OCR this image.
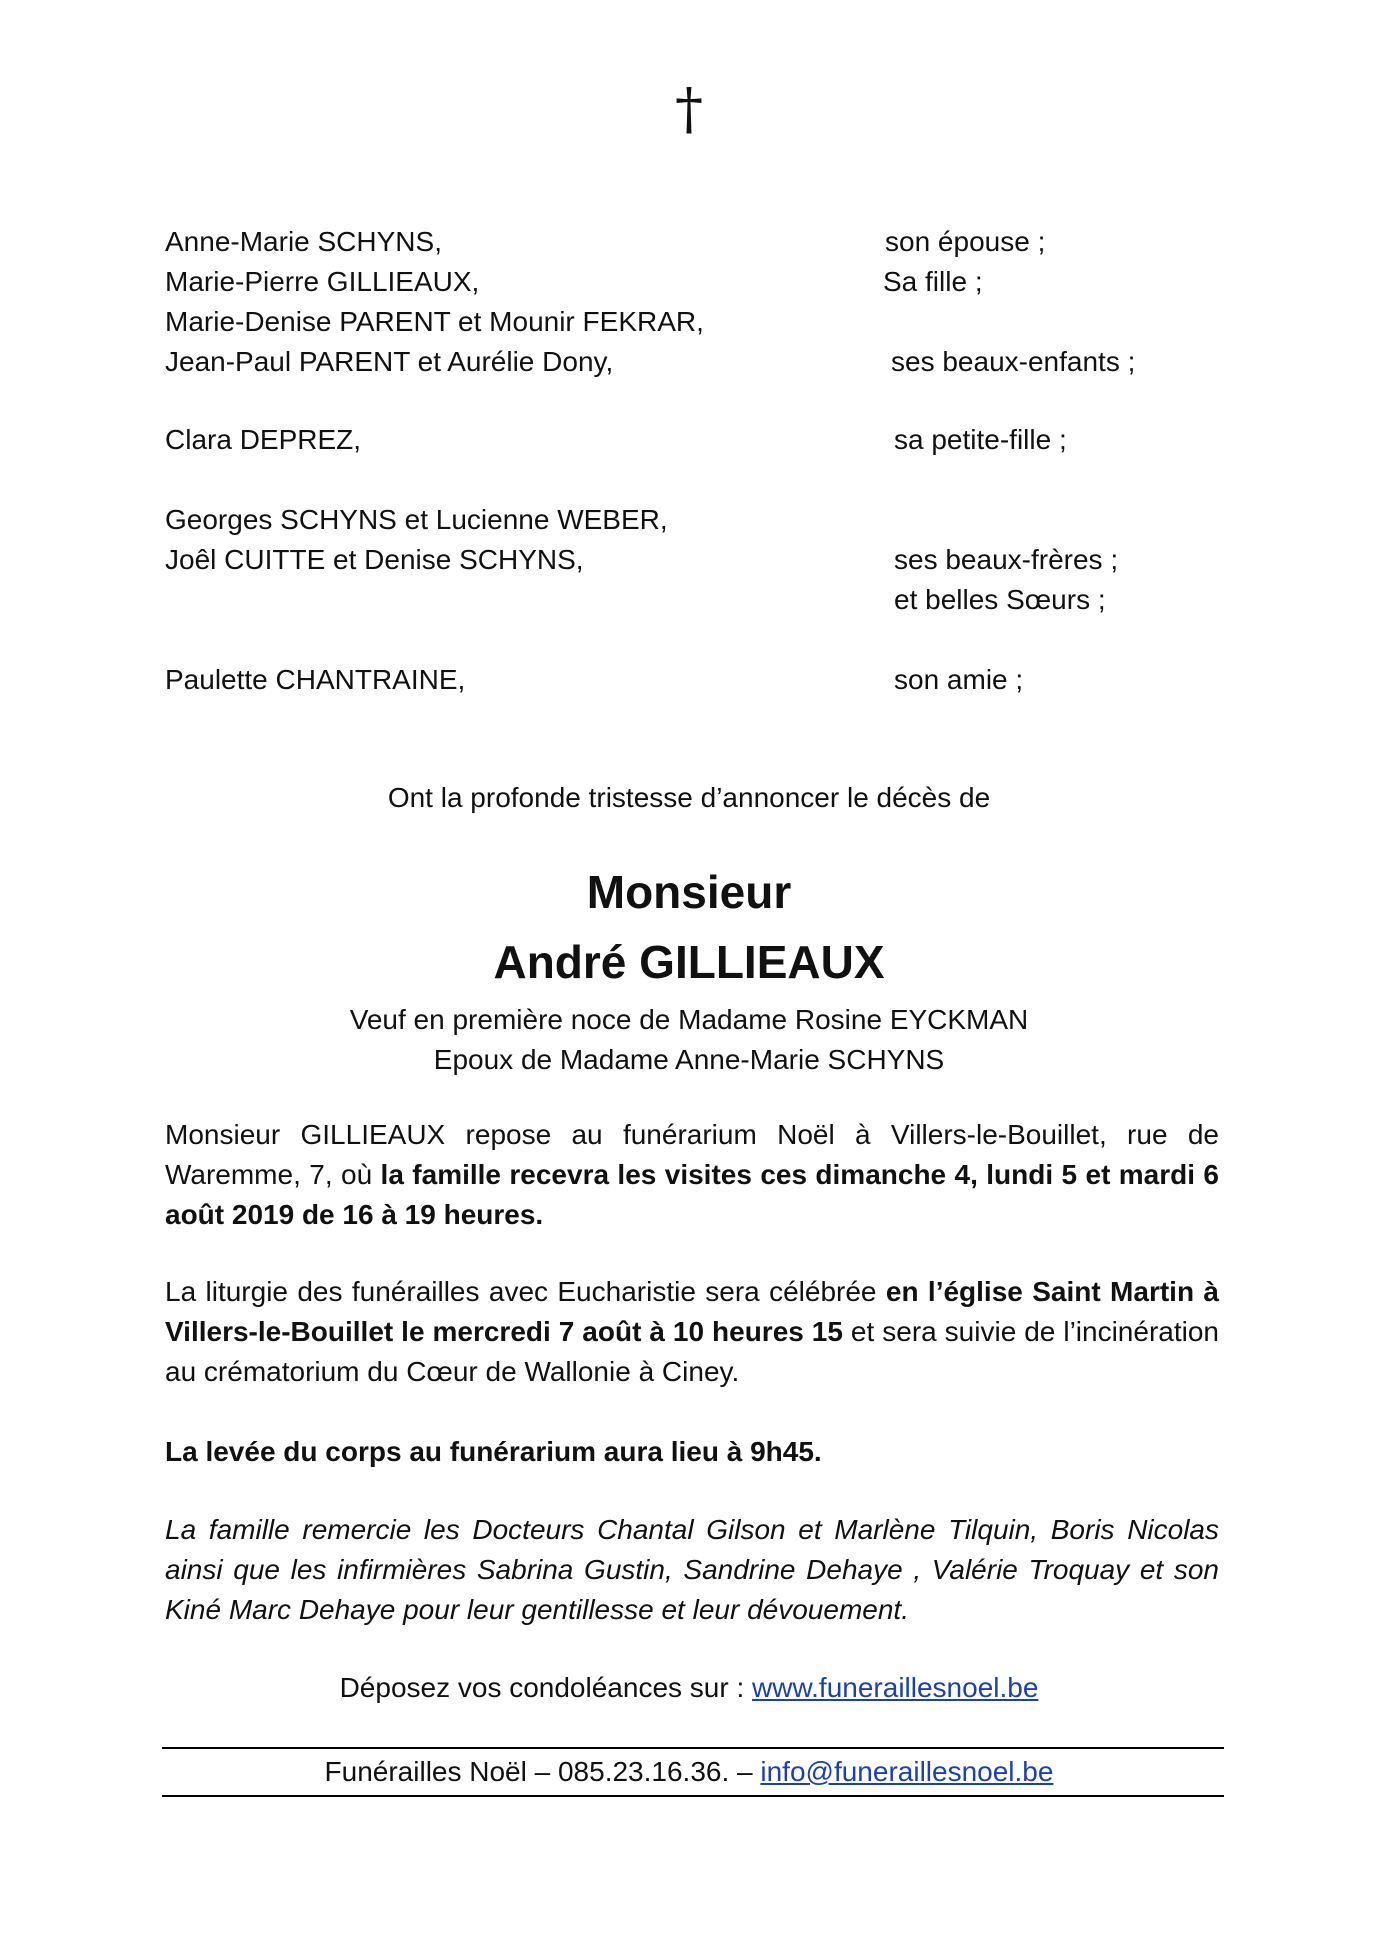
†
Anne-Marie SCHYNS,
Marie-Pierre GILLIEAUX,
Marie-Denise PARENT et Mounir FEKRAR,
Jean-Paul PARENT et Aurélie Dony,
Clara DEPREZ,
Georges SCHYNS et Lucienne WEBER,
Joêl CUITTE et Denise SCHYNS,
Paulette CHANTRAINE,
son épouse ;
Sa fille ;
ses beaux-enfants ;
sa petite-fille ;
ses beaux-frères ;
et belles Sœurs ;
son amie ;
Ont la profonde tristesse d’annoncer le décès de
Monsieur
André GILLIEAUX
Veuf en première noce de Madame Rosine EYCKMAN
Epoux de Madame Anne-Marie SCHYNS
Monsieur GILLIEAUX repose au funérarium Noël à Villers-le-Bouillet, rue de Waremme, 7, où la famille recevra les visites ces dimanche 4, lundi 5 et mardi 6 août 2019 de 16 à 19 heures.
La liturgie des funérailles avec Eucharistie sera célébrée en l’église Saint Martin à Villers-le-Bouillet le mercredi 7 août à 10 heures 15 et sera suivie de l’incinération au crématorium du Cœur de Wallonie à Ciney.
La levée du corps au funérarium aura lieu à 9h45.
La famille remercie les Docteurs Chantal Gilson et Marlène Tilquin, Boris Nicolas ainsi que les infirmières Sabrina Gustin, Sandrine Dehaye , Valérie Troquay et son Kiné Marc Dehaye pour leur gentillesse et leur dévouement.
Déposez vos condoléances sur : www.funeraillesnoel.be
Funérailles Noël – 085.23.16.36. – info@funeraillesnoel.be
